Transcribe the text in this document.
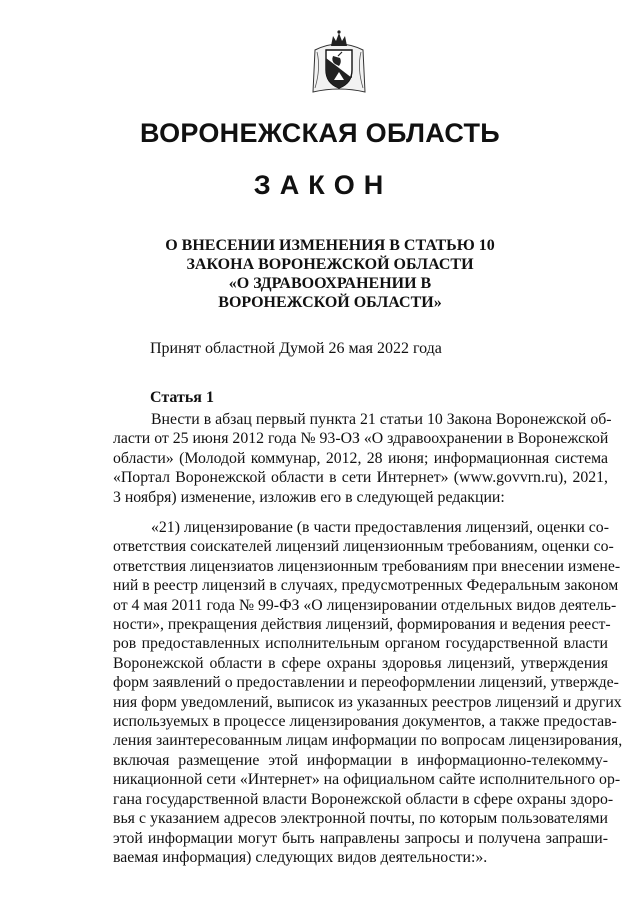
ВОРОНЕЖСКАЯ ОБЛАСТЬ
ЗАКОН
О ВНЕСЕНИИ ИЗМЕНЕНИЯ В СТАТЬЮ 10
ЗАКОНА ВОРОНЕЖСКОЙ ОБЛАСТИ
«О ЗДРАВООХРАНЕНИИ В
ВОРОНЕЖСКОЙ ОБЛАСТИ»
Принят областной Думой 26 мая 2022 года
Статья 1
Внести в абзац первый пункта 21 статьи 10 Закона Воронежской об-
ласти от 25 июня 2012 года № 93-ОЗ «О здравоохранении в Воронежской
области» (Молодой коммунар, 2012, 28 июня; информационная система
«Портал Воронежской области в сети Интернет» (www.govvrn.ru), 2021,
3 ноября) изменение, изложив его в следующей редакции:
«21) лицензирование (в части предоставления лицензий, оценки со-
ответствия соискателей лицензий лицензионным требованиям, оценки со-
ответствия лицензиатов лицензионным требованиям при внесении измене-
ний в реестр лицензий в случаях, предусмотренных Федеральным законом
от 4 мая 2011 года № 99-ФЗ «О лицензировании отдельных видов деятель-
ности», прекращения действия лицензий, формирования и ведения реест-
ров предоставленных исполнительным органом государственной власти
Воронежской области в сфере охраны здоровья лицензий, утверждения
форм заявлений о предоставлении и переоформлении лицензий, утвержде-
ния форм уведомлений, выписок из указанных реестров лицензий и других
используемых в процессе лицензирования документов, а также предостав-
ления заинтересованным лицам информации по вопросам лицензирования,
включая размещение этой информации в информационно-телекомму-
никационной сети «Интернет» на официальном сайте исполнительного ор-
гана государственной власти Воронежской области в сфере охраны здоро-
вья с указанием адресов электронной почты, по которым пользователями
этой информации могут быть направлены запросы и получена запраши-
ваемая информация) следующих видов деятельности:».
